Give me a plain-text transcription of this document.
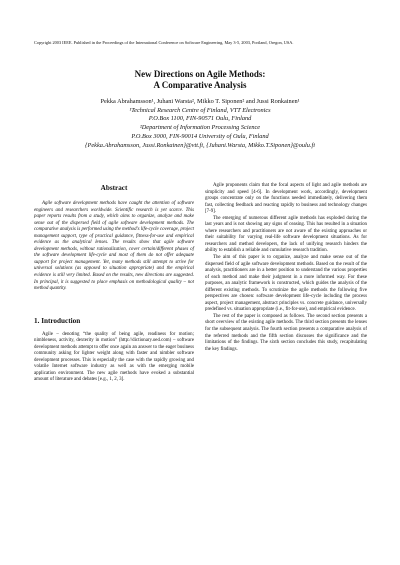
Copyright 2003 IEEE. Published in the Proceedings of the International Conference on Software Engineering, May 3-5, 2003, Portland, Oregon, USA.
New Directions on Agile Methods:
A Comparative Analysis
Pekka Abrahamsson¹, Juhani Warsta², Mikko T. Siponen² and Jussi Ronkainen¹
¹Technical Research Centre of Finland, VTT Electronics
P.O.Box 1100, FIN-90571 Oulu, Finland
²Department of Information Processing Science
P.O.Box 3000, FIN-90014 University of Oulu, Finland
{Pekka.Abrahamsson, Jussi.Ronkainen}@vtt.fi, {Juhani.Warsta, Mikko.T.Siponen}@oulu.fi
Abstract

Agile software development methods have caught the attention of software engineers and researchers worldwide. Scientific research is yet scarce. This paper reports results from a study, which aims to organize, analyze and make sense out of the dispersed field of agile software development methods. The comparative analysis is performed using the method's life-cycle coverage, project management support, type of practical guidance, fitness-for-use and empirical evidence as the analytical lenses. The results show that agile software development methods, without rationalization, cover certain/different phases of the software development life-cycle and most of them do not offer adequate support for project management. Yet, many methods still attempt to strive for universal solutions (as opposed to situation appropriate) and the empirical evidence is still very limited. Based on the results, new directions are suggested. In principal, it is suggested to place emphasis on methodological quality – not method quantity.

1. Introduction

Agile – denoting “the quality of being agile, readiness for motion; nimbleness, activity, dexterity in motion” (http://dictionary.oed.com) – software development methods attempt to offer once again an answer to the eager business community asking for lighter weight along with faster and nimbler software development processes. This is especially the case with the rapidly growing and volatile Internet software industry as well as with the emerging mobile application environment. The new agile methods have evoked a substantial amount of literature and debates [e.g., 1, 2, 3].

Agile proponents claim that the focal aspects of light and agile methods are simplicity and speed [4-6]. In development work, accordingly, development groups concentrate only on the functions needed immediately, delivering them fast, collecting feedback and reacting rapidly to business and technology changes [7-9].

The emerging of numerous different agile methods has exploded during the last years and is not showing any signs of ceasing. This has resulted in a situation where researchers and practitioners are not aware of the existing approaches or their suitability for varying real-life software development situations. As for researchers and method developers, the lack of unifying research hinders the ability to establish a reliable and cumulative research tradition.

The aim of this paper is to organize, analyze and make sense out of the dispersed field of agile software development methods. Based on the result of the analysis, practitioners are in a better position to understand the various properties of each method and make their judgment in a more informed way. For these purposes, an analytic framework is constructed, which guides the analysis of the different existing methods. To scrutinize the agile methods the following five perspectives are chosen: software development life-cycle including the process aspect, project management, abstract principles vs. concrete guidance, universally predefined vs. situation appropriate (i.e., fit-for-use), and empirical evidence.

The rest of the paper is composed as follows. The second section presents a short overview of the existing agile methods. The third section presents the lenses for the subsequent analysis. The fourth section presents a comparative analysis of the referred methods and the fifth section discusses the significance and the limitations of the findings. The sixth section concludes this study, recapitulating the key findings.
